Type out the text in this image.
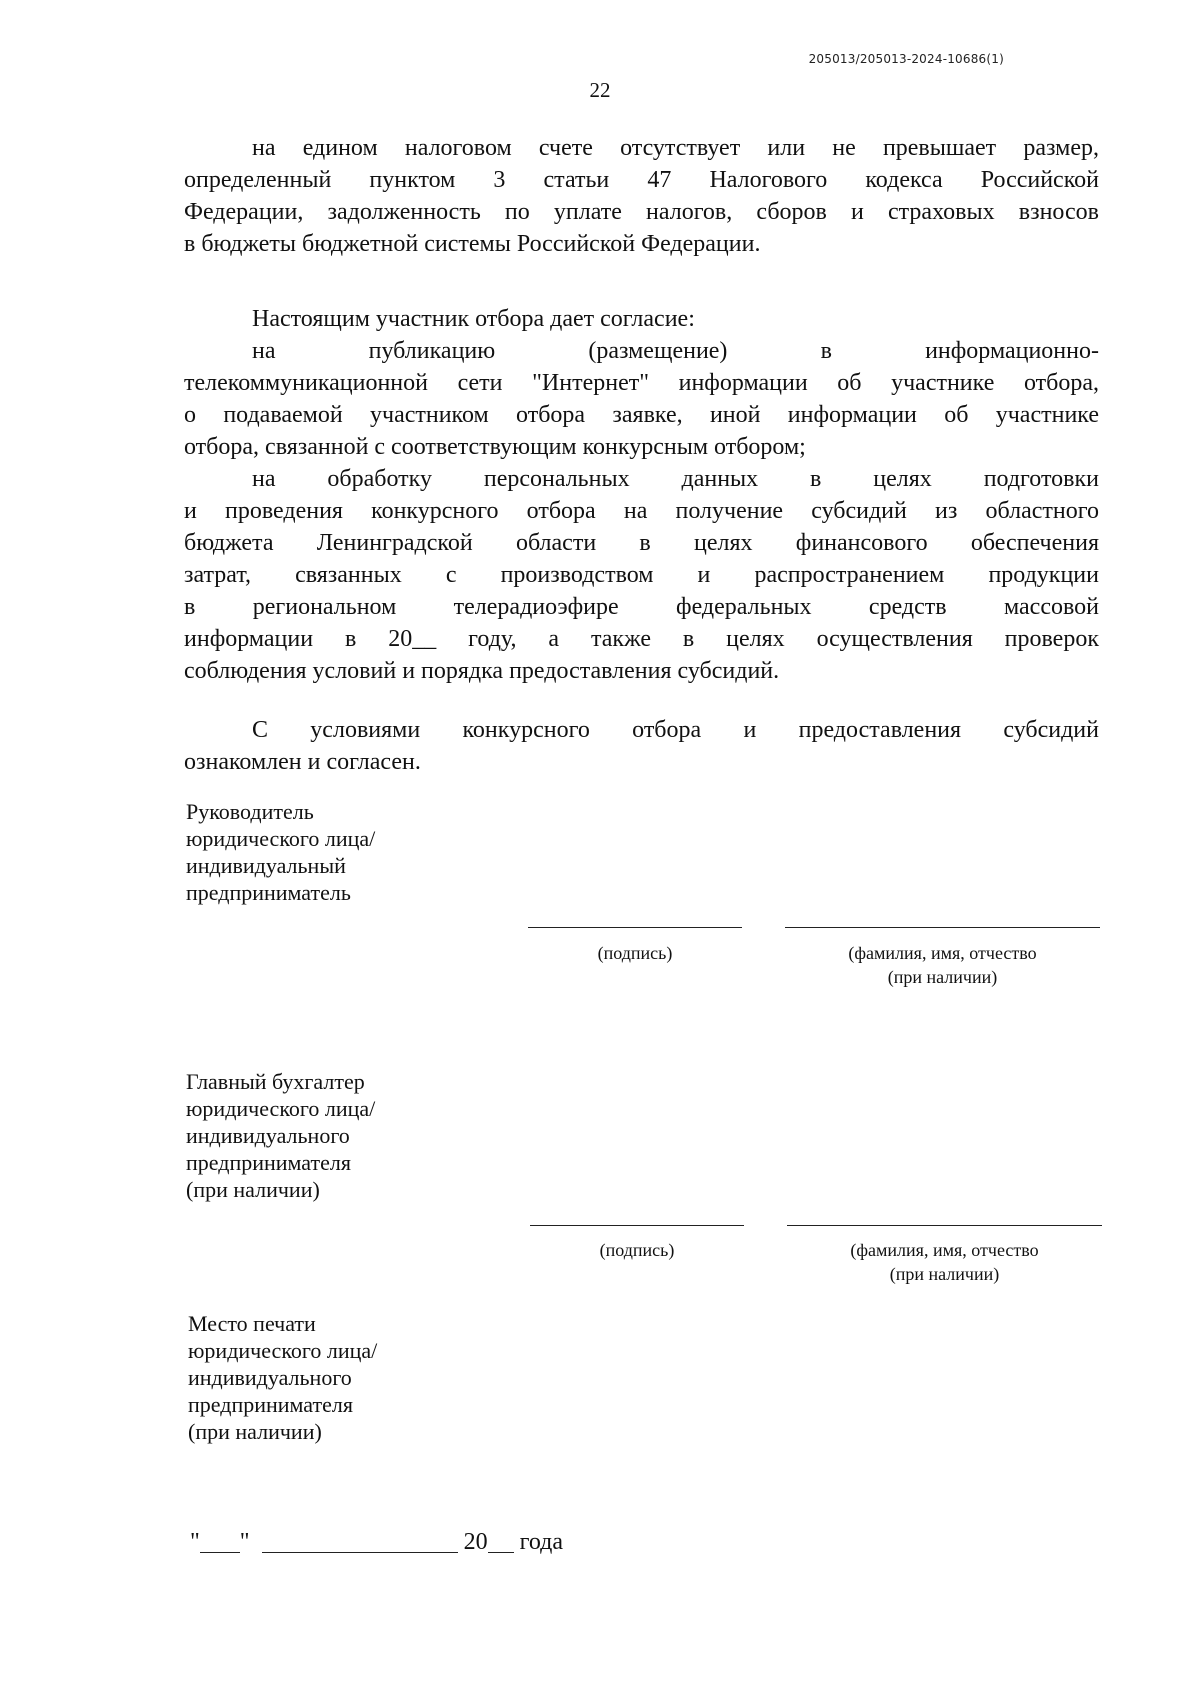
205013/205013-2024-10686(1)
22
на едином налоговом счете отсутствует или не превышает размер,
определенный пунктом 3 статьи 47 Налогового кодекса Российской
Федерации, задолженность по уплате налогов, сборов и страховых взносов
в бюджеты бюджетной системы Российской Федерации.
Настоящим участник отбора дает согласие:
на публикацию (размещение) в информационно-
телекоммуникационной сети "Интернет" информации об участнике отбора,
о подаваемой участником отбора заявке, иной информации об участнике
отбора, связанной с соответствующим конкурсным отбором;
на обработку персональных данных в целях подготовки
и проведения конкурсного отбора на получение субсидий из областного
бюджета Ленинградской области в целях финансового обеспечения
затрат, связанных с производством и распространением продукции
в региональном телерадиоэфире федеральных средств массовой
информации в 20__ году, а также в целях осуществления проверок
соблюдения условий и порядка предоставления субсидий.
С условиями конкурсного отбора и предоставления субсидий
ознакомлен и согласен.
Руководитель
юридического лица/
индивидуальный
предприниматель
(подпись)	(фамилия, имя, отчество
(при наличии)
Главный бухгалтер
юридического лица/
индивидуального
предпринимателя
(при наличии)
(подпись)	(фамилия, имя, отчество
(при наличии)
Место печати
юридического лица/
индивидуального
предпринимателя
(при наличии)
" "	20 года
